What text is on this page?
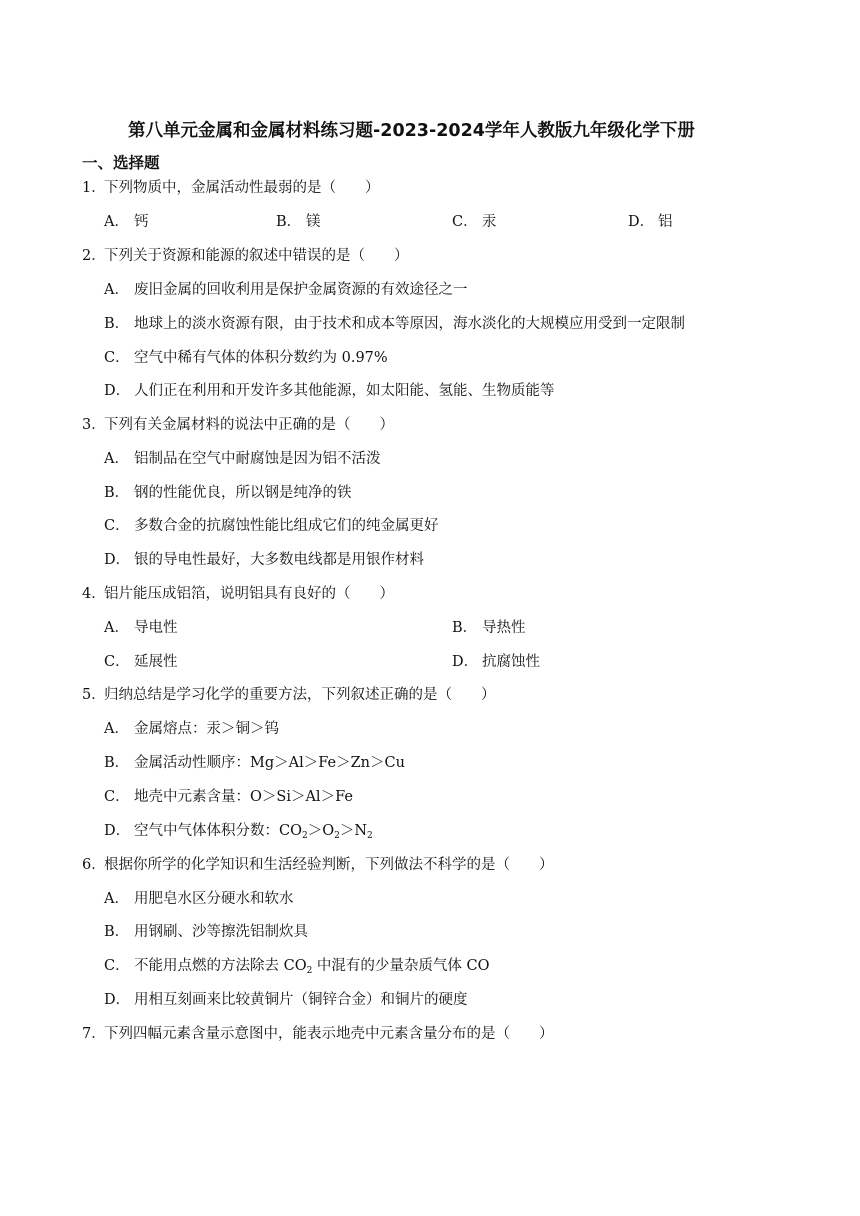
第八单元金属和金属材料练习题-2023-2024学年人教版九年级化学下册
一、选择题
1．下列物质中，金属活动性最弱的是（　　）
A． 钙	B． 镁	C． 汞	D． 铝
2．下列关于资源和能源的叙述中错误的是（　　）
A． 废旧金属的回收利用是保护金属资源的有效途径之一
B． 地球上的淡水资源有限，由于技术和成本等原因，海水淡化的大规模应用受到一定限制
C． 空气中稀有气体的体积分数约为 0.97%
D． 人们正在利用和开发许多其他能源，如太阳能、氢能、生物质能等
3．下列有关金属材料的说法中正确的是（　　）
A． 铝制品在空气中耐腐蚀是因为铝不活泼
B． 钢的性能优良，所以钢是纯净的铁
C． 多数合金的抗腐蚀性能比组成它们的纯金属更好
D． 银的导电性最好，大多数电线都是用银作材料
4．铝片能压成铝箔，说明铝具有良好的（　　）
A． 导电性	B． 导热性
C． 延展性	D． 抗腐蚀性
5．归纳总结是学习化学的重要方法，下列叙述正确的是（　　）
A． 金属熔点：汞＞铜＞钨
B． 金属活动性顺序：Mg＞Al＞Fe＞Zn＞Cu
C． 地壳中元素含量：O＞Si＞Al＞Fe
D． 空气中气体体积分数：$CO_2>O_2>N_2$
6．根据你所学的化学知识和生活经验判断，下列做法不科学的是（　　）
A． 用肥皂水区分硬水和软水
B． 用钢刷、沙等擦洗铝制炊具
C． 不能用点燃的方法除去 $CO_2$ 中混有的少量杂质气体 CO
D． 用相互刻画来比较黄铜片（铜锌合金）和铜片的硬度
7．下列四幅元素含量示意图中，能表示地壳中元素含量分布的是（　　）
